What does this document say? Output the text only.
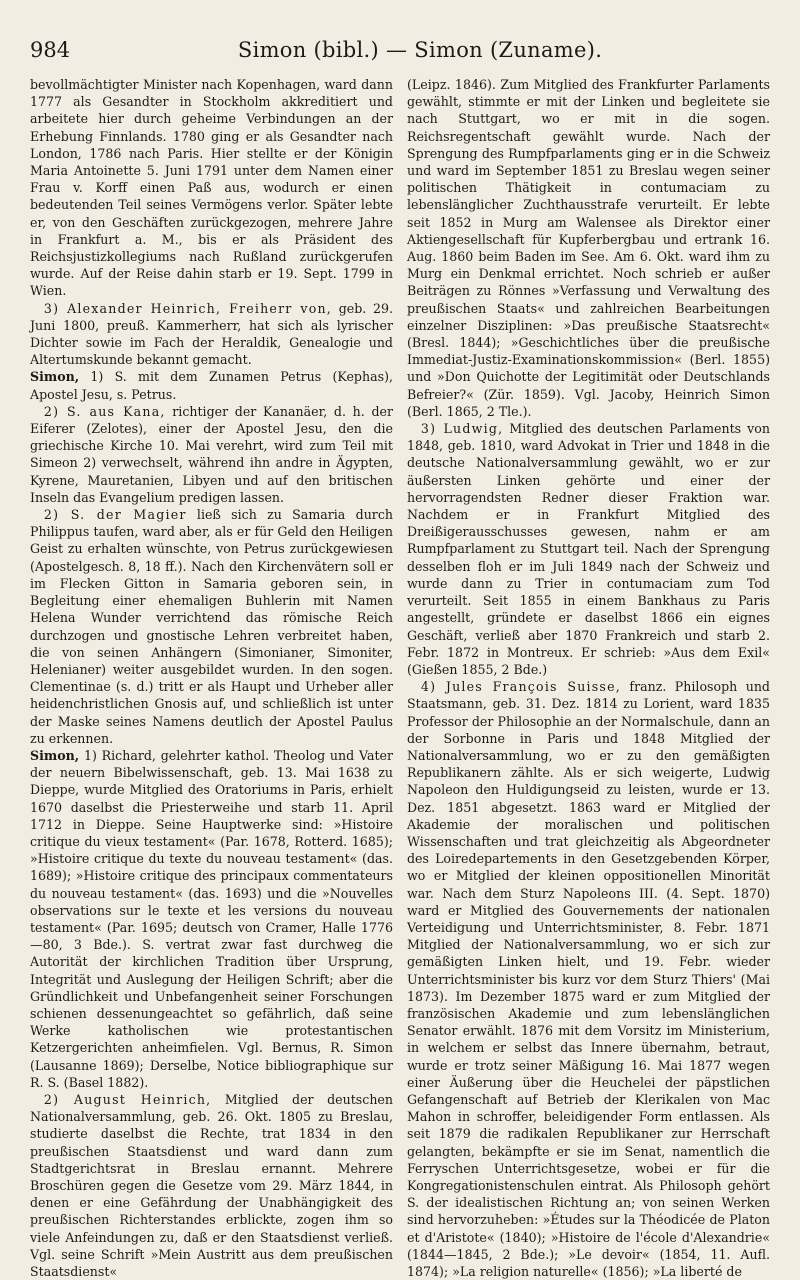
984	Simon (bibl.) — Simon (Zuname).

bevollmächtigter Minister nach Kopenhagen, ward dann 1777 als Gesandter in Stockholm akkreditiert und arbeitete hier durch geheime Verbindungen an der Erhebung Finnlands. 1780 ging er als Gesandter nach London, 1786 nach Paris. Hier stellte er der Königin Maria Antoinette 5. Juni 1791 unter dem Namen einer Frau v. Korff einen Paß aus, wodurch er einen bedeutenden Teil seines Vermögens verlor. Später lebte er, von den Geschäften zurückgezogen, mehrere Jahre in Frankfurt a. M., bis er als Präsident des Reichsjustizkollegiums nach Rußland zurückgerufen wurde. Auf der Reise dahin starb er 19. Sept. 1799 in Wien.

3) Alexander Heinrich, Freiherr von, geb. 29. Juni 1800, preuß. Kammerherr, hat sich als lyrischer Dichter sowie im Fach der Heraldik, Genealogie und Altertumskunde bekannt gemacht.

Simon, 1) S. mit dem Zunamen Petrus (Kephas), Apostel Jesu, s. Petrus.

2) S. aus Kana, richtiger der Kananäer, d. h. der Eiferer (Zelotes), einer der Apostel Jesu, den die griechische Kirche 10. Mai verehrt, wird zum Teil mit Simeon 2) verwechselt, während ihn andre in Ägypten, Kyrene, Mauretanien, Libyen und auf den britischen Inseln das Evangelium predigen lassen.

2) S. der Magier ließ sich zu Samaria durch Philippus taufen, ward aber, als er für Geld den Heiligen Geist zu erhalten wünschte, von Petrus zurückgewiesen (Apostelgesch. 8, 18 ff.). Nach den Kirchenvätern soll er im Flecken Gitton in Samaria geboren sein, in Begleitung einer ehemaligen Buhlerin mit Namen Helena Wunder verrichtend das römische Reich durchzogen und gnostische Lehren verbreitet haben, die von seinen Anhängern (Simonianer, Simoniter, Helenianer) weiter ausgebildet wurden. In den sogen. Clementinae (s. d.) tritt er als Haupt und Urheber aller heidenchristlichen Gnosis auf, und schließlich ist unter der Maske seines Namens deutlich der Apostel Paulus zu erkennen.

Simon, 1) Richard, gelehrter kathol. Theolog und Vater der neuern Bibelwissenschaft, geb. 13. Mai 1638 zu Dieppe, wurde Mitglied des Oratoriums in Paris, erhielt 1670 daselbst die Priesterweihe und starb 11. April 1712 in Dieppe. Seine Hauptwerke sind: »Histoire critique du vieux testament« (Par. 1678, Rotterd. 1685); »Histoire critique du texte du nouveau testament« (das. 1689); »Histoire critique des principaux commentateurs du nouveau testament« (das. 1693) und die »Nouvelles observations sur le texte et les versions du nouveau testament« (Par. 1695; deutsch von Cramer, Halle 1776—80, 3 Bde.). S. vertrat zwar fast durchweg die Autorität der kirchlichen Tradition über Ursprung, Integrität und Auslegung der Heiligen Schrift; aber die Gründlichkeit und Unbefangenheit seiner Forschungen schienen dessenungeachtet so gefährlich, daß seine Werke katholischen wie protestantischen Ketzergerichten anheimfielen. Vgl. Bernus, R. Simon (Lausanne 1869); Derselbe, Notice bibliographique sur R. S. (Basel 1882).

2) August Heinrich, Mitglied der deutschen Nationalversammlung, geb. 26. Okt. 1805 zu Breslau, studierte daselbst die Rechte, trat 1834 in den preußischen Staatsdienst und ward dann zum Stadtgerichtsrat in Breslau ernannt. Mehrere Broschüren gegen die Gesetze vom 29. März 1844, in denen er eine Gefährdung der Unabhängigkeit des preußischen Richterstandes erblickte, zogen ihm so viele Anfeindungen zu, daß er den Staatsdienst verließ. Vgl. seine Schrift »Mein Austritt aus dem preußischen Staatsdienst«

(Leipz. 1846). Zum Mitglied des Frankfurter Parlaments gewählt, stimmte er mit der Linken und begleitete sie nach Stuttgart, wo er mit in die sogen. Reichsregentschaft gewählt wurde. Nach der Sprengung des Rumpfparlaments ging er in die Schweiz und ward im September 1851 zu Breslau wegen seiner politischen Thätigkeit in contumaciam zu lebenslänglicher Zuchthausstrafe verurteilt. Er lebte seit 1852 in Murg am Walensee als Direktor einer Aktiengesellschaft für Kupferbergbau und ertrank 16. Aug. 1860 beim Baden im See. Am 6. Okt. ward ihm zu Murg ein Denkmal errichtet. Noch schrieb er außer Beiträgen zu Rönnes »Verfassung und Verwaltung des preußischen Staats« und zahlreichen Bearbeitungen einzelner Disziplinen: »Das preußische Staatsrecht« (Bresl. 1844); »Geschichtliches über die preußische Immediat-Justiz-Examinationskommission« (Berl. 1855) und »Don Quichotte der Legitimität oder Deutschlands Befreier?« (Zür. 1859). Vgl. Jacoby, Heinrich Simon (Berl. 1865, 2 Tle.).

3) Ludwig, Mitglied des deutschen Parlaments von 1848, geb. 1810, ward Advokat in Trier und 1848 in die deutsche Nationalversammlung gewählt, wo er zur äußersten Linken gehörte und einer der hervorragendsten Redner dieser Fraktion war. Nachdem er in Frankfurt Mitglied des Dreißigerausschusses gewesen, nahm er am Rumpfparlament zu Stuttgart teil. Nach der Sprengung desselben floh er im Juli 1849 nach der Schweiz und wurde dann zu Trier in contumaciam zum Tod verurteilt. Seit 1855 in einem Bankhaus zu Paris angestellt, gründete er daselbst 1866 ein eignes Geschäft, verließ aber 1870 Frankreich und starb 2. Febr. 1872 in Montreux. Er schrieb: »Aus dem Exil« (Gießen 1855, 2 Bde.)

4) Jules François Suisse, franz. Philosoph und Staatsmann, geb. 31. Dez. 1814 zu Lorient, ward 1835 Professor der Philosophie an der Normalschule, dann an der Sorbonne in Paris und 1848 Mitglied der Nationalversammlung, wo er zu den gemäßigten Republikanern zählte. Als er sich weigerte, Ludwig Napoleon den Huldigungseid zu leisten, wurde er 13. Dez. 1851 abgesetzt. 1863 ward er Mitglied der Akademie der moralischen und politischen Wissenschaften und trat gleichzeitig als Abgeordneter des Loiredepartements in den Gesetzgebenden Körper, wo er Mitglied der kleinen oppositionellen Minorität war. Nach dem Sturz Napoleons III. (4. Sept. 1870) ward er Mitglied des Gouvernements der nationalen Verteidigung und Unterrichtsminister, 8. Febr. 1871 Mitglied der Nationalversammlung, wo er sich zur gemäßigten Linken hielt, und 19. Febr. wieder Unterrichtsminister bis kurz vor dem Sturz Thiers' (Mai 1873). Im Dezember 1875 ward er zum Mitglied der französischen Akademie und zum lebenslänglichen Senator erwählt. 1876 mit dem Vorsitz im Ministerium, in welchem er selbst das Innere übernahm, betraut, wurde er trotz seiner Mäßigung 16. Mai 1877 wegen einer Äußerung über die Heuchelei der päpstlichen Gefangenschaft auf Betrieb der Klerikalen von Mac Mahon in schroffer, beleidigender Form entlassen. Als seit 1879 die radikalen Republikaner zur Herrschaft gelangten, bekämpfte er sie im Senat, namentlich die Ferryschen Unterrichtsgesetze, wobei er für die Kongregationistenschulen eintrat. Als Philosoph gehört S. der idealistischen Richtung an; von seinen Werken sind hervorzuheben: »Études sur la Théodicée de Platon et d'Aristote« (1840); »Histoire de l'école d'Alexandrie« (1844—1845, 2 Bde.); »Le devoir« (1854, 11. Aufl. 1874); »La religion naturelle« (1856); »La liberté de
